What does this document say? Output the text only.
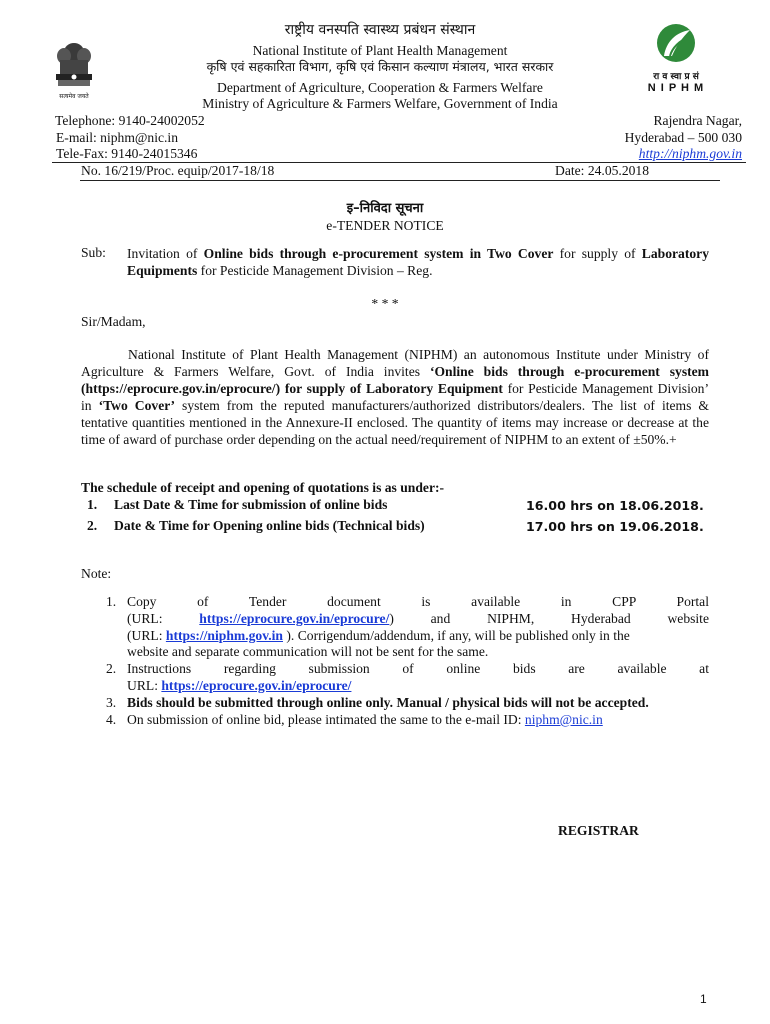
सत्यमेव जयते
रा व स्वा प्र सं
N I P H M
राष्ट्रीय वनस्पति स्वास्थ्य प्रबंधन संस्थान
National Institute of Plant Health Management
कृषि एवं सहकारिता विभाग, कृषि एवं किसान कल्याण मंत्रालय, भारत सरकार
Department of Agriculture, Cooperation & Farmers Welfare
Ministry of Agriculture & Farmers Welfare, Government of India
Telephone: 9140-24002052
E-mail: niphm@nic.in
Tele-Fax: 9140-24015346
Rajendra Nagar,
Hyderabad – 500 030
http://niphm.gov.in
No. 16/219/Proc. equip/2017-18/18	Date: 24.05.2018
इ–निविदा सूचना
e-TENDER NOTICE
Sub: Invitation of Online bids through e-procurement system in Two Cover for supply of Laboratory Equipments for Pesticide Management Division – Reg.
* * *
Sir/Madam,
National Institute of Plant Health Management (NIPHM) an autonomous Institute under Ministry of Agriculture & Farmers Welfare, Govt. of India invites ‘Online bids through e-procurement system (https://eprocure.gov.in/eprocure/) for supply of Laboratory Equipment for Pesticide Management Division’ in ‘Two Cover’ system from the reputed manufacturers/authorized distributors/dealers. The list of items & tentative quantities mentioned in the Annexure-II enclosed. The quantity of items may increase or decrease at the time of award of purchase order depending on the actual need/requirement of NIPHM to an extent of ±50%.+
The schedule of receipt and opening of quotations is as under:-
1. Last Date & Time for submission of online bids	16.00 hrs on 18.06.2018.
2. Date & Time for Opening online bids (Technical bids)	17.00 hrs on 19.06.2018.
Note:
1. Copy of Tender document is available in CPP Portal
(URL: https://eprocure.gov.in/eprocure/) and NIPHM, Hyderabad website
(URL: https://niphm.gov.in ). Corrigendum/addendum, if any, will be published only in the
website and separate communication will not be sent for the same.
2. Instructions regarding submission of online bids are available at
URL: https://eprocure.gov.in/eprocure/
3. Bids should be submitted through online only. Manual / physical bids will not be accepted.
4. On submission of online bid, please intimated the same to the e-mail ID: niphm@nic.in
REGISTRAR
1
